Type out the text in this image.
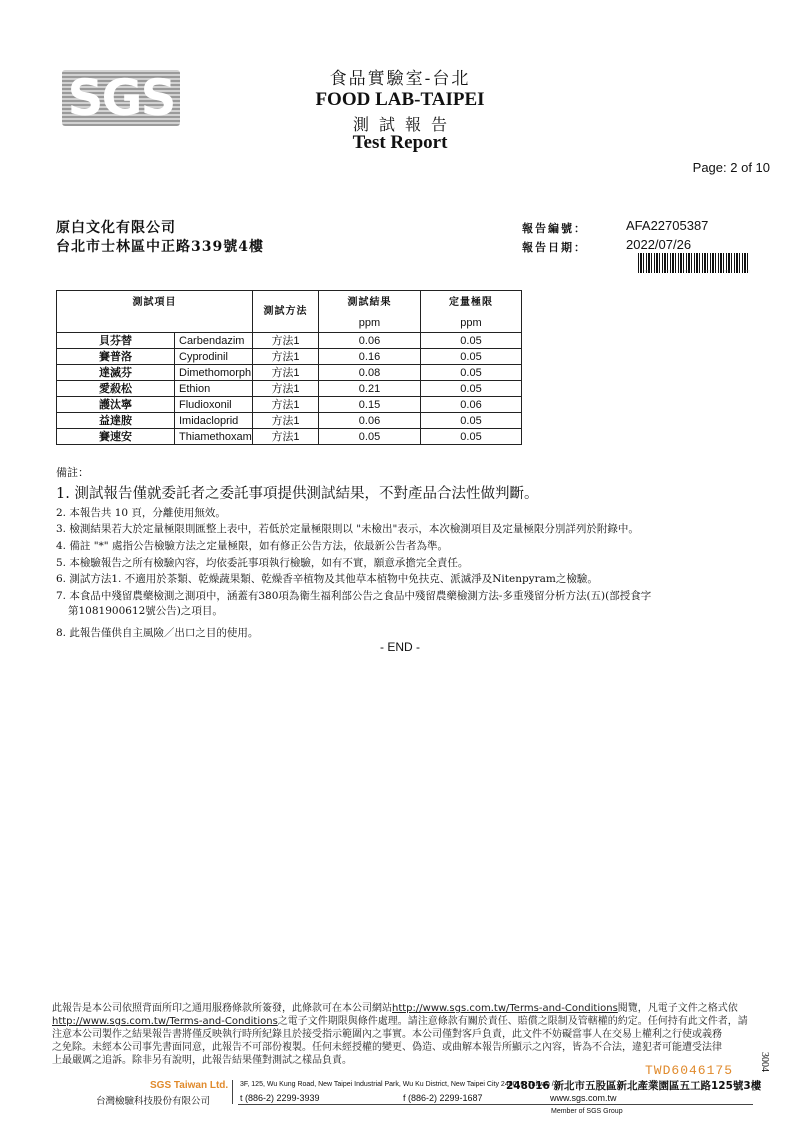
SGS	食品實驗室-台北
FOOD LAB-TAIPEI
測試報告
Test Report
Page: 2 of 10
原白文化有限公司
台北市士林區中正路339號4樓
報告編號：	AFA22705387
報告日期：	2022/07/26
測試項目		測試方法	測試結果	定量極限
			ppm	ppm
貝芬替	Carbendazim	方法1	0.06	0.05
賽普洛	Cyprodinil	方法1	0.16	0.05
達滅芬	Dimethomorph	方法1	0.08	0.05
愛殺松	Ethion	方法1	0.21	0.05
護汰寧	Fludioxonil	方法1	0.15	0.06
益達胺	Imidacloprid	方法1	0.06	0.05
賽速安	Thiamethoxam	方法1	0.05	0.05
備註：
1. 測試報告僅就委託者之委託事項提供測試結果，不對產品合法性做判斷。
2. 本報告共 10 頁，分離使用無效。
3. 檢測結果若大於定量極限則匯整上表中，若低於定量極限則以 "未檢出"表示，本次檢測項目及定量極限分別詳列於附錄中。
4. 備註 "*" 處指公告檢驗方法之定量極限，如有修正公告方法，依最新公告者為準。
5. 本檢驗報告之所有檢驗內容，均依委託事項執行檢驗，如有不實，願意承擔完全責任。
6. 測試方法1. 不適用於茶類、乾燥蔬果類、乾燥香辛植物及其他草本植物中免扶克、派滅淨及Nitenpyram之檢驗。
7. 本食品中殘留農藥檢測之測項中，涵蓋有380項為衛生福利部公告之食品中殘留農藥檢測方法-多重殘留分析方法(五)(部授食字
第1081900612號公告)之項目。
8. 此報告僅供自主風險／出口之目的使用。
- END -
此報告是本公司依照背面所印之通用服務條款所簽發，此條款可在本公司網站http://www.sgs.com.tw/Terms-and-Conditions閱覽，凡電子文件之格式依
http://www.sgs.com.tw/Terms-and-Conditions之電子文件期限與條件處理。請注意條款有關於責任、賠償之限制及管轄權的約定。任何持有此文件者，請
注意本公司製作之結果報告書將僅反映執行時所紀錄且於接受指示範圍內之事實。本公司僅對客戶負責，此文件不妨礙當事人在交易上權利之行使或義務
之免除。未經本公司事先書面同意，此報告不可部份複製。任何未經授權的變更、偽造、或曲解本報告所顯示之內容，皆為不合法，違犯者可能遭受法律
上最嚴厲之追訴。除非另有說明，此報告結果僅對測試之樣品負責。
TWD6046175	3004
SGS Taiwan Ltd.
台灣檢驗科技股份有限公司
3F, 125, Wu Kung Road, New Taipei Industrial Park, Wu Ku District, New Taipei City 248016, Taiwan /
248016 新北市五股區新北產業園區五工路125號3樓
t (886-2) 2299-3939	f (886-2) 2299-1687	www.sgs.com.tw
Member of SGS Group
